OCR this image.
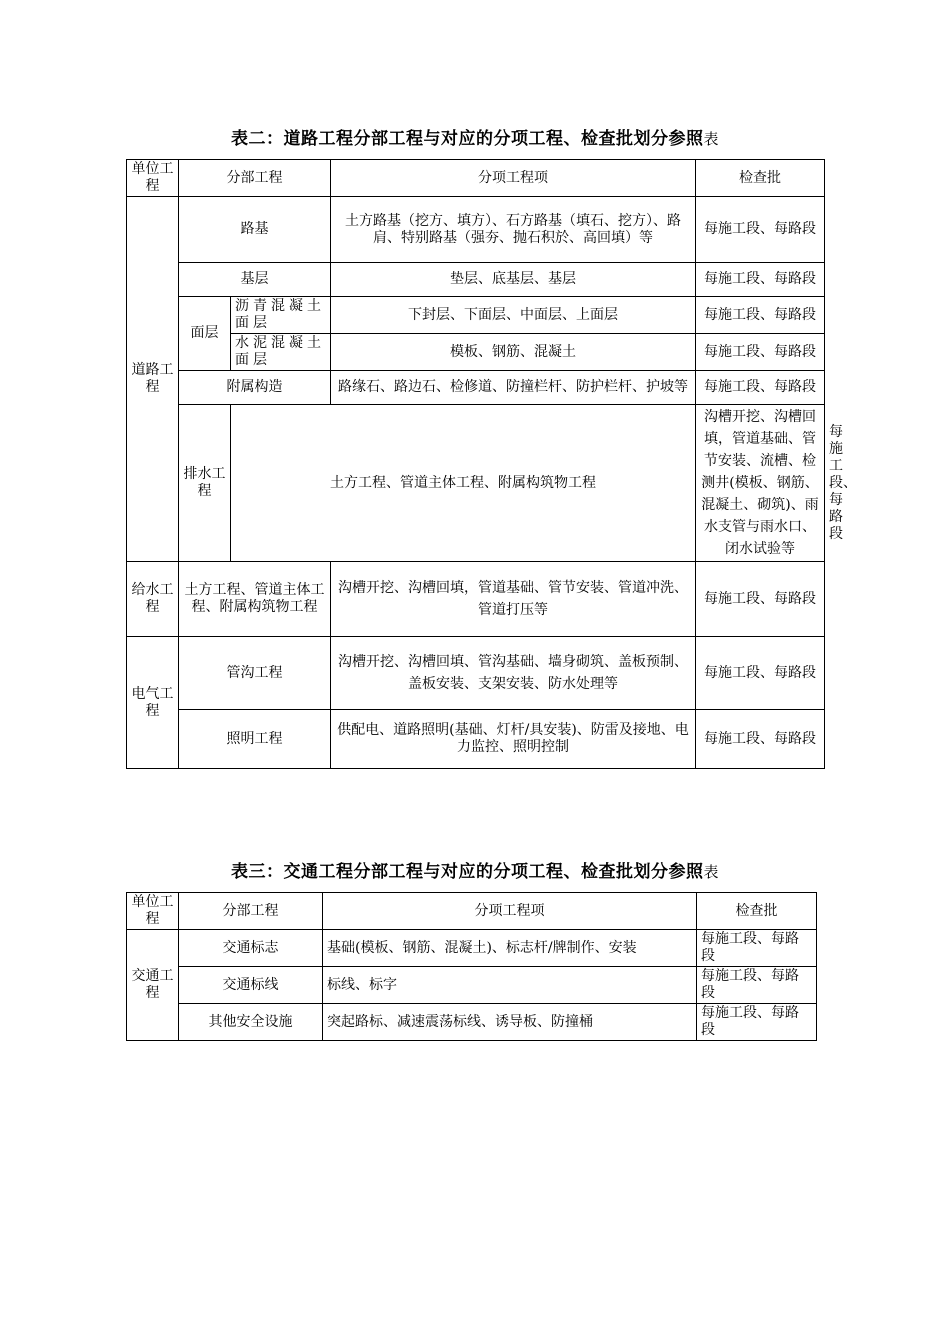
表二：道路工程分部工程与对应的分项工程、检查批划分参照表
单位工程	分部工程		分项工程项	检查批	
道路工程	路基		土方路基（挖方、填方）、石方路基（填石、挖方）、路肩、特别路基（强夯、抛石积於、高回填）等	每施工段、每路段	
	基层		垫层、底基层、基层	每施工段、每路段	
	面层	沥青混凝土面层	下封层、下面层、中面层、上面层	每施工段、每路段	
		水泥混凝土面层	模板、钢筋、混凝土	每施工段、每路段	
	附属构造		路缘石、路边石、检修道、防撞栏杆、防护栏杆、护坡等	每施工段、每路段	
	排水工程	土方工程、管道主体工程、附属构筑物工程		沟槽开挖、沟槽回填，管道基础、管节安装、流槽、检测井(模板、钢筋、混凝土、砌筑)、雨水支管与雨水口、闭水试验等	每施工段、每路段
给水工程	土方工程、管道主体工程、附属构筑物工程		沟槽开挖、沟槽回填，管道基础、管节安装、管道冲洗、管道打压等	每施工段、每路段	
电气工程	管沟工程		沟槽开挖、沟槽回填、管沟基础、墙身砌筑、盖板预制、盖板安装、支架安装、防水处理等	每施工段、每路段	
	照明工程		供配电、道路照明(基础、灯杆/具安装)、防雷及接地、电力监控、照明控制	每施工段、每路段	
表三：交通工程分部工程与对应的分项工程、检查批划分参照表
单位工程	分部工程	分项工程项	检查批
交通工程	交通标志	基础(模板、钢筋、混凝土)、标志杆/牌制作、安装	每施工段、每路段
	交通标线	标线、标字	每施工段、每路段
	其他安全设施	突起路标、减速震荡标线、诱导板、防撞桶	每施工段、每路段
